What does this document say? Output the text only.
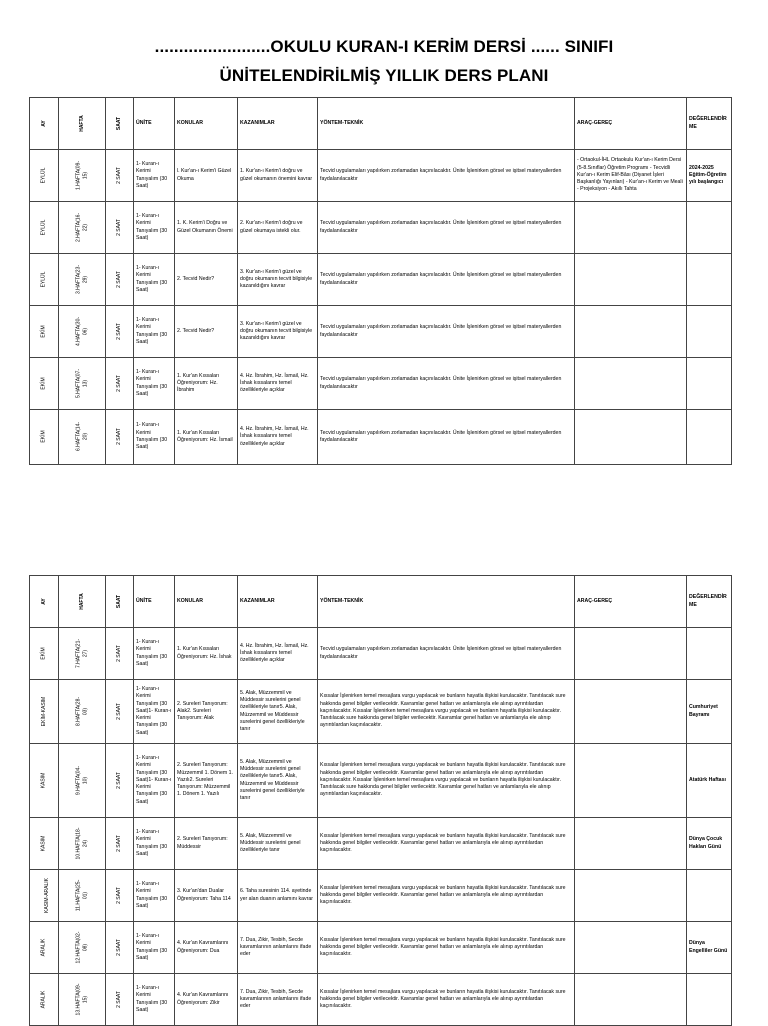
........................OKULU KURAN-I KERİM DERSİ ...... SINIFI
ÜNİTELENDİRİLMİŞ YILLIK DERS PLANI
AY	HAFTA	SAAT	ÜNİTE	KONULAR	KAZANIMLAR	YÖNTEM-TEKNİK	ARAÇ-GEREÇ	DEĞERLENDİRME
EYLÜL	1.HAFTA(09-15)	2 SAAT	1- Kuran-ı Kerimi Tanıyalım (30 Saat)	l. Kur'an-ı Kerim'i Güzel Okuma	1. Kur'an-ı Kerim'i doğru ve güzel okumanın önemini kavrar	Tecvid uygulamaları yapılırken zorlamadan kaçınılacaktır. Ünite İşlenirken görsel ve işitsel materyallerden faydalanılacaktır	- Ortaokul-İHL Ortaokulu Kur'an-ı Kerim Dersi (5-8.Sınıflar) Öğretim Programı - Tecvidli Kur'an-ı Kerim Elif-Bâsı (Diyanet İşleri Başkanlığı Yayınları) - Kur'an-ı Kerim ve Meali - Projeksiyon - Akıllı Tahta	2024-2025 Eğitim-Öğretim yılı başlangıcı
EYLÜL	2.HAFTA(16-22)	2 SAAT	1- Kuran-ı Kerimi Tanıyalım (30 Saat)	1. K. Kerim'i Doğru ve Güzel Okumanın Önemi	2. Kur'an-ı Kerim'i doğru ve güzel okumaya istekli olur.	Tecvid uygulamaları yapılırken zorlamadan kaçınılacaktır. Ünite İşlenirken görsel ve işitsel materyallerden faydalanılacaktır		
EYLÜL	3.HAFTA(23-29)	2 SAAT	1- Kuran-ı Kerimi Tanıyalım (30 Saat)	2. Tecvid Nedir?	3. Kur'an-ı Kerim'i güzel ve doğru okumanın tecvit bilgisiyle kazanıldığını kavrar	Tecvid uygulamaları yapılırken zorlamadan kaçınılacaktır. Ünite İşlenirken görsel ve işitsel materyallerden faydalanılacaktır		
EKİM	4.HAFTA(30-06)	2 SAAT	1- Kuran-ı Kerimi Tanıyalım (30 Saat)	2. Tecvid Nedir?	3. Kur'an-ı Kerim'i güzel ve doğru okumanın tecvit bilgisiyle kazanıldığını kavrar	Tecvid uygulamaları yapılırken zorlamadan kaçınılacaktır. Ünite İşlenirken görsel ve işitsel materyallerden faydalanılacaktır		
EKİM	5.HAFTA(07-13)	2 SAAT	1- Kuran-ı Kerimi Tanıyalım (30 Saat)	1. Kur'an Kıssaları Öğreniyorum: Hz. İbrahim	4. Hz. İbrahim, Hz. İsmail, Hz. İshak kıssalarını temel özellikleriyle açıklar	Tecvid uygulamaları yapılırken zorlamadan kaçınılacaktır. Ünite İşlenirken görsel ve işitsel materyallerden faydalanılacaktır		
EKİM	6.HAFTA(14-20)	2 SAAT	1- Kuran-ı Kerimi Tanıyalım (30 Saat)	1. Kur'an Kıssaları Öğreniyorum: Hz. İsmail	4. Hz. İbrahim, Hz. İsmail, Hz. İshak kıssalarını temel özellikleriyle açıklar	Tecvid uygulamaları yapılırken zorlamadan kaçınılacaktır. Ünite İşlenirken görsel ve işitsel materyallerden faydalanılacaktır		
AY	HAFTA	SAAT	ÜNİTE	KONULAR	KAZANIMLAR	YÖNTEM-TEKNİK	ARAÇ-GEREÇ	DEĞERLENDİRME
EKİM	7.HAFTA(21-27)	2 SAAT	1- Kuran-ı Kerimi Tanıyalım (30 Saat)	1. Kur'an Kıssaları Öğreniyorum: Hz. İshak	4. Hz. İbrahim, Hz. İsmail, Hz. İshak kıssalarını temel özellikleriyle açıklar	Tecvid uygulamaları yapılırken zorlamadan kaçınılacaktır. Ünite İşlenirken görsel ve işitsel materyallerden faydalanılacaktır		
EKİM-KASIM	8.HAFTA(28-03)	2 SAAT	1- Kuran-ı Kerimi Tanıyalım (30 Saat)1- Kuran-ı Kerimi Tanıyalım (30 Saat)	2. Sureleri Tanıyorum: Alak2. Sureleri Tanıyorum: Alak	5. Alak, Müzzemmil ve Müddessir surelerini genel özellikleriyle tanır5. Alak, Müzzemmil ve Müddessir surelerini genel özellikleriyle tanır	Kıssalar İşlenirken temel mesajlara vurgu yapılacak ve bunların hayatla ilişkisi kurulacaktır. Tanıtılacak sure hakkında genel bilgiler verilecektir. Kavramlar genel hatları ve anlamlarıyla ele alınıp ayrıntılardan kaçınılacaktır. Kıssalar İşlenirken temel mesajlara vurgu yapılacak ve bunların hayatla ilişkisi kurulacaktır. Tanıtılacak sure hakkında genel bilgiler verilecektir. Kavramlar genel hatları ve anlamlarıyla ele alınıp ayrıntılardan kaçınılacaktır.		Cumhuriyet Bayramı
KASIM	9.HAFTA(04-10)	2 SAAT	1- Kuran-ı Kerimi Tanıyalım (30 Saat)1- Kuran-ı Kerimi Tanıyalım (30 Saat)	2. Sureleri Tanıyorum: Müzzemmil 1. Dönem 1. Yazılı2. Sureleri Tanıyorum: Müzzemmil 1. Dönem 1. Yazılı	5. Alak, Müzzemmil ve Müddessir surelerini genel özellikleriyle tanır5. Alak, Müzzemmil ve Müddessir surelerini genel özellikleriyle tanır	Kıssalar İşlenirken temel mesajlara vurgu yapılacak ve bunların hayatla ilişkisi kurulacaktır. Tanıtılacak sure hakkında genel bilgiler verilecektir. Kavramlar genel hatları ve anlamlarıyla ele alınıp ayrıntılardan kaçınılacaktır. Kıssalar İşlenirken temel mesajlara vurgu yapılacak ve bunların hayatla ilişkisi kurulacaktır. Tanıtılacak sure hakkında genel bilgiler verilecektir. Kavramlar genel hatları ve anlamlarıyla ele alınıp ayrıntılardan kaçınılacaktır.		Atatürk Haftası
KASIM	10.HAFTA(18-24)	2 SAAT	1- Kuran-ı Kerimi Tanıyalım (30 Saat)	2. Sureleri Tanıyorum: Müddessir	5. Alak, Müzzemmil ve Müddessir surelerini genel özellikleriyle tanır	Kıssalar İşlenirken temel mesajlara vurgu yapılacak ve bunların hayatla ilişkisi kurulacaktır. Tanıtılacak sure hakkında genel bilgiler verilecektir. Kavramlar genel hatları ve anlamlarıyla ele alınıp ayrıntılardan kaçınılacaktır.		Dünya Çocuk Hakları Günü
KASIM-ARALIK	11.HAFTA(25-01)	2 SAAT	1- Kuran-ı Kerimi Tanıyalım (30 Saat)	3. Kur'an'dan Dualar Öğreniyorum: Taha 114	6. Taha suresinin 114. ayetinde yer alan duanın anlamını kavrar	Kıssalar İşlenirken temel mesajlara vurgu yapılacak ve bunların hayatla ilişkisi kurulacaktır. Tanıtılacak sure hakkında genel bilgiler verilecektir. Kavramlar genel hatları ve anlamlarıyla ele alınıp ayrıntılardan kaçınılacaktır.		
ARALIK	12.HAFTA(02-08)	2 SAAT	1- Kuran-ı Kerimi Tanıyalım (30 Saat)	4. Kur'an Kavramlarını Öğreniyorum: Dua	7. Dua, Zikir, Tesbih, Secde kavramlarının anlamlarını ifade eder	Kıssalar İşlenirken temel mesajlara vurgu yapılacak ve bunların hayatla ilişkisi kurulacaktır. Tanıtılacak sure hakkında genel bilgiler verilecektir. Kavramlar genel hatları ve anlamlarıyla ele alınıp ayrıntılardan kaçınılacaktır.		Dünya Engelliler Günü
ARALIK	13.HAFTA(09-15)	2 SAAT	1- Kuran-ı Kerimi Tanıyalım (30 Saat)	4. Kur'an Kavramlarını Öğreniyorum: Zikir	7. Dua, Zikir, Tesbih, Secde kavramlarının anlamlarını ifade eder	Kıssalar İşlenirken temel mesajlara vurgu yapılacak ve bunların hayatla ilişkisi kurulacaktır. Tanıtılacak sure hakkında genel bilgiler verilecektir. Kavramlar genel hatları ve anlamlarıyla ele alınıp ayrıntılardan kaçınılacaktır.		
